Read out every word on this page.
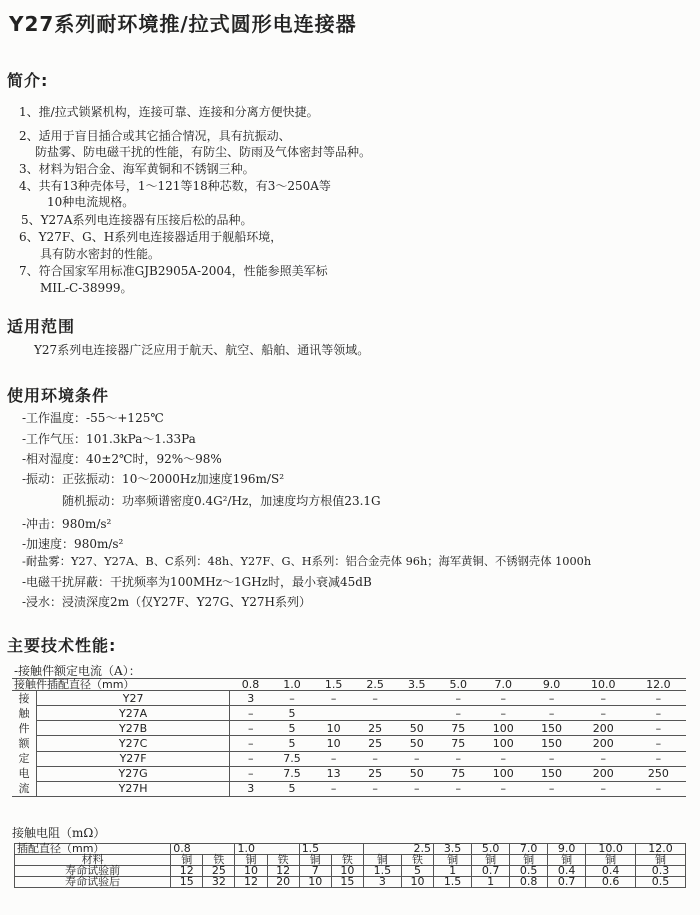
Y27系列耐环境推/拉式圆形电连接器
简介:
1、推/拉式锁紧机构，连接可靠、连接和分离方便快捷。
2、适用于盲目插合或其它插合情况，具有抗振动、
防盐雾、防电磁干扰的性能，有防尘、防雨及气体密封等品种。
3、材料为铝合金、海军黄铜和不锈钢三种。
4、共有13种壳体号，1～121等18种芯数，有3～250A等
10种电流规格。
5、Y27A系列电连接器有压接后松的品种。
6、Y27F、G、H系列电连接器适用于舰船环境，
具有防水密封的性能。
7、符合国家军用标准GJB2905A-2004，性能参照美军标
MIL-C-38999。
适用范围
Y27系列电连接器广泛应用于航天、航空、船舶、通讯等领域。
使用环境条件
-工作温度：-55～+125℃
-工作气压：101.3kPa～1.33Pa
-相对湿度：40±2℃时，92%～98%
-振动：正弦振动：10～2000Hz加速度196m/S²
随机振动：功率频谱密度0.4G²/Hz，加速度均方根值23.1G
-冲击：980m/s²
-加速度：980m/s²
-耐盐雾：Y27、Y27A、B、C系列：48h、Y27F、G、H系列：铝合金壳体 96h；海军黄铜、不锈钢壳体 1000h
-电磁干扰屏蔽：干扰频率为100MHz～1GHz时，最小衰减45dB
-浸水：浸渍深度2m（仅Y27F、Y27G、Y27H系列）
主要技术性能:
-接触件额定电流（A）：
接触件插配直径（mm）		0.8	1.0	1.5	2.5	3.5	5.0	7.0	9.0	10.0	12.0
接触件额定电流	Y27	3	–	–	–		–	–	–	–	–
	Y27A	–	5				–	–	–	–	–
	Y27B	–	5	10	25	50	75	100	150	200	–
	Y27C	–	5	10	25	50	75	100	150	200	–
	Y27F	–	7.5	–	–	–	–	–	–	–	–
	Y27G	–	7.5	13	25	50	75	100	150	200	250
	Y27H	3	5	–	–	–	–	–	–	–	–
接触电阻（mΩ）
插配直径（mm）	0.8		1.0		1.5		2.5		3.5	5.0	7.0	9.0	10.0	12.0
材料	铜	铁	铜	铁	铜	铁	铜	铁	铜	铜	铜	铜	铜	铜
寿命试验前	12	25	10	12	7	10	1.5	5	1	0.7	0.5	0.4	0.4	0.3
寿命试验后	15	32	12	20	10	15	3	10	1.5	1	0.8	0.7	0.6	0.5
